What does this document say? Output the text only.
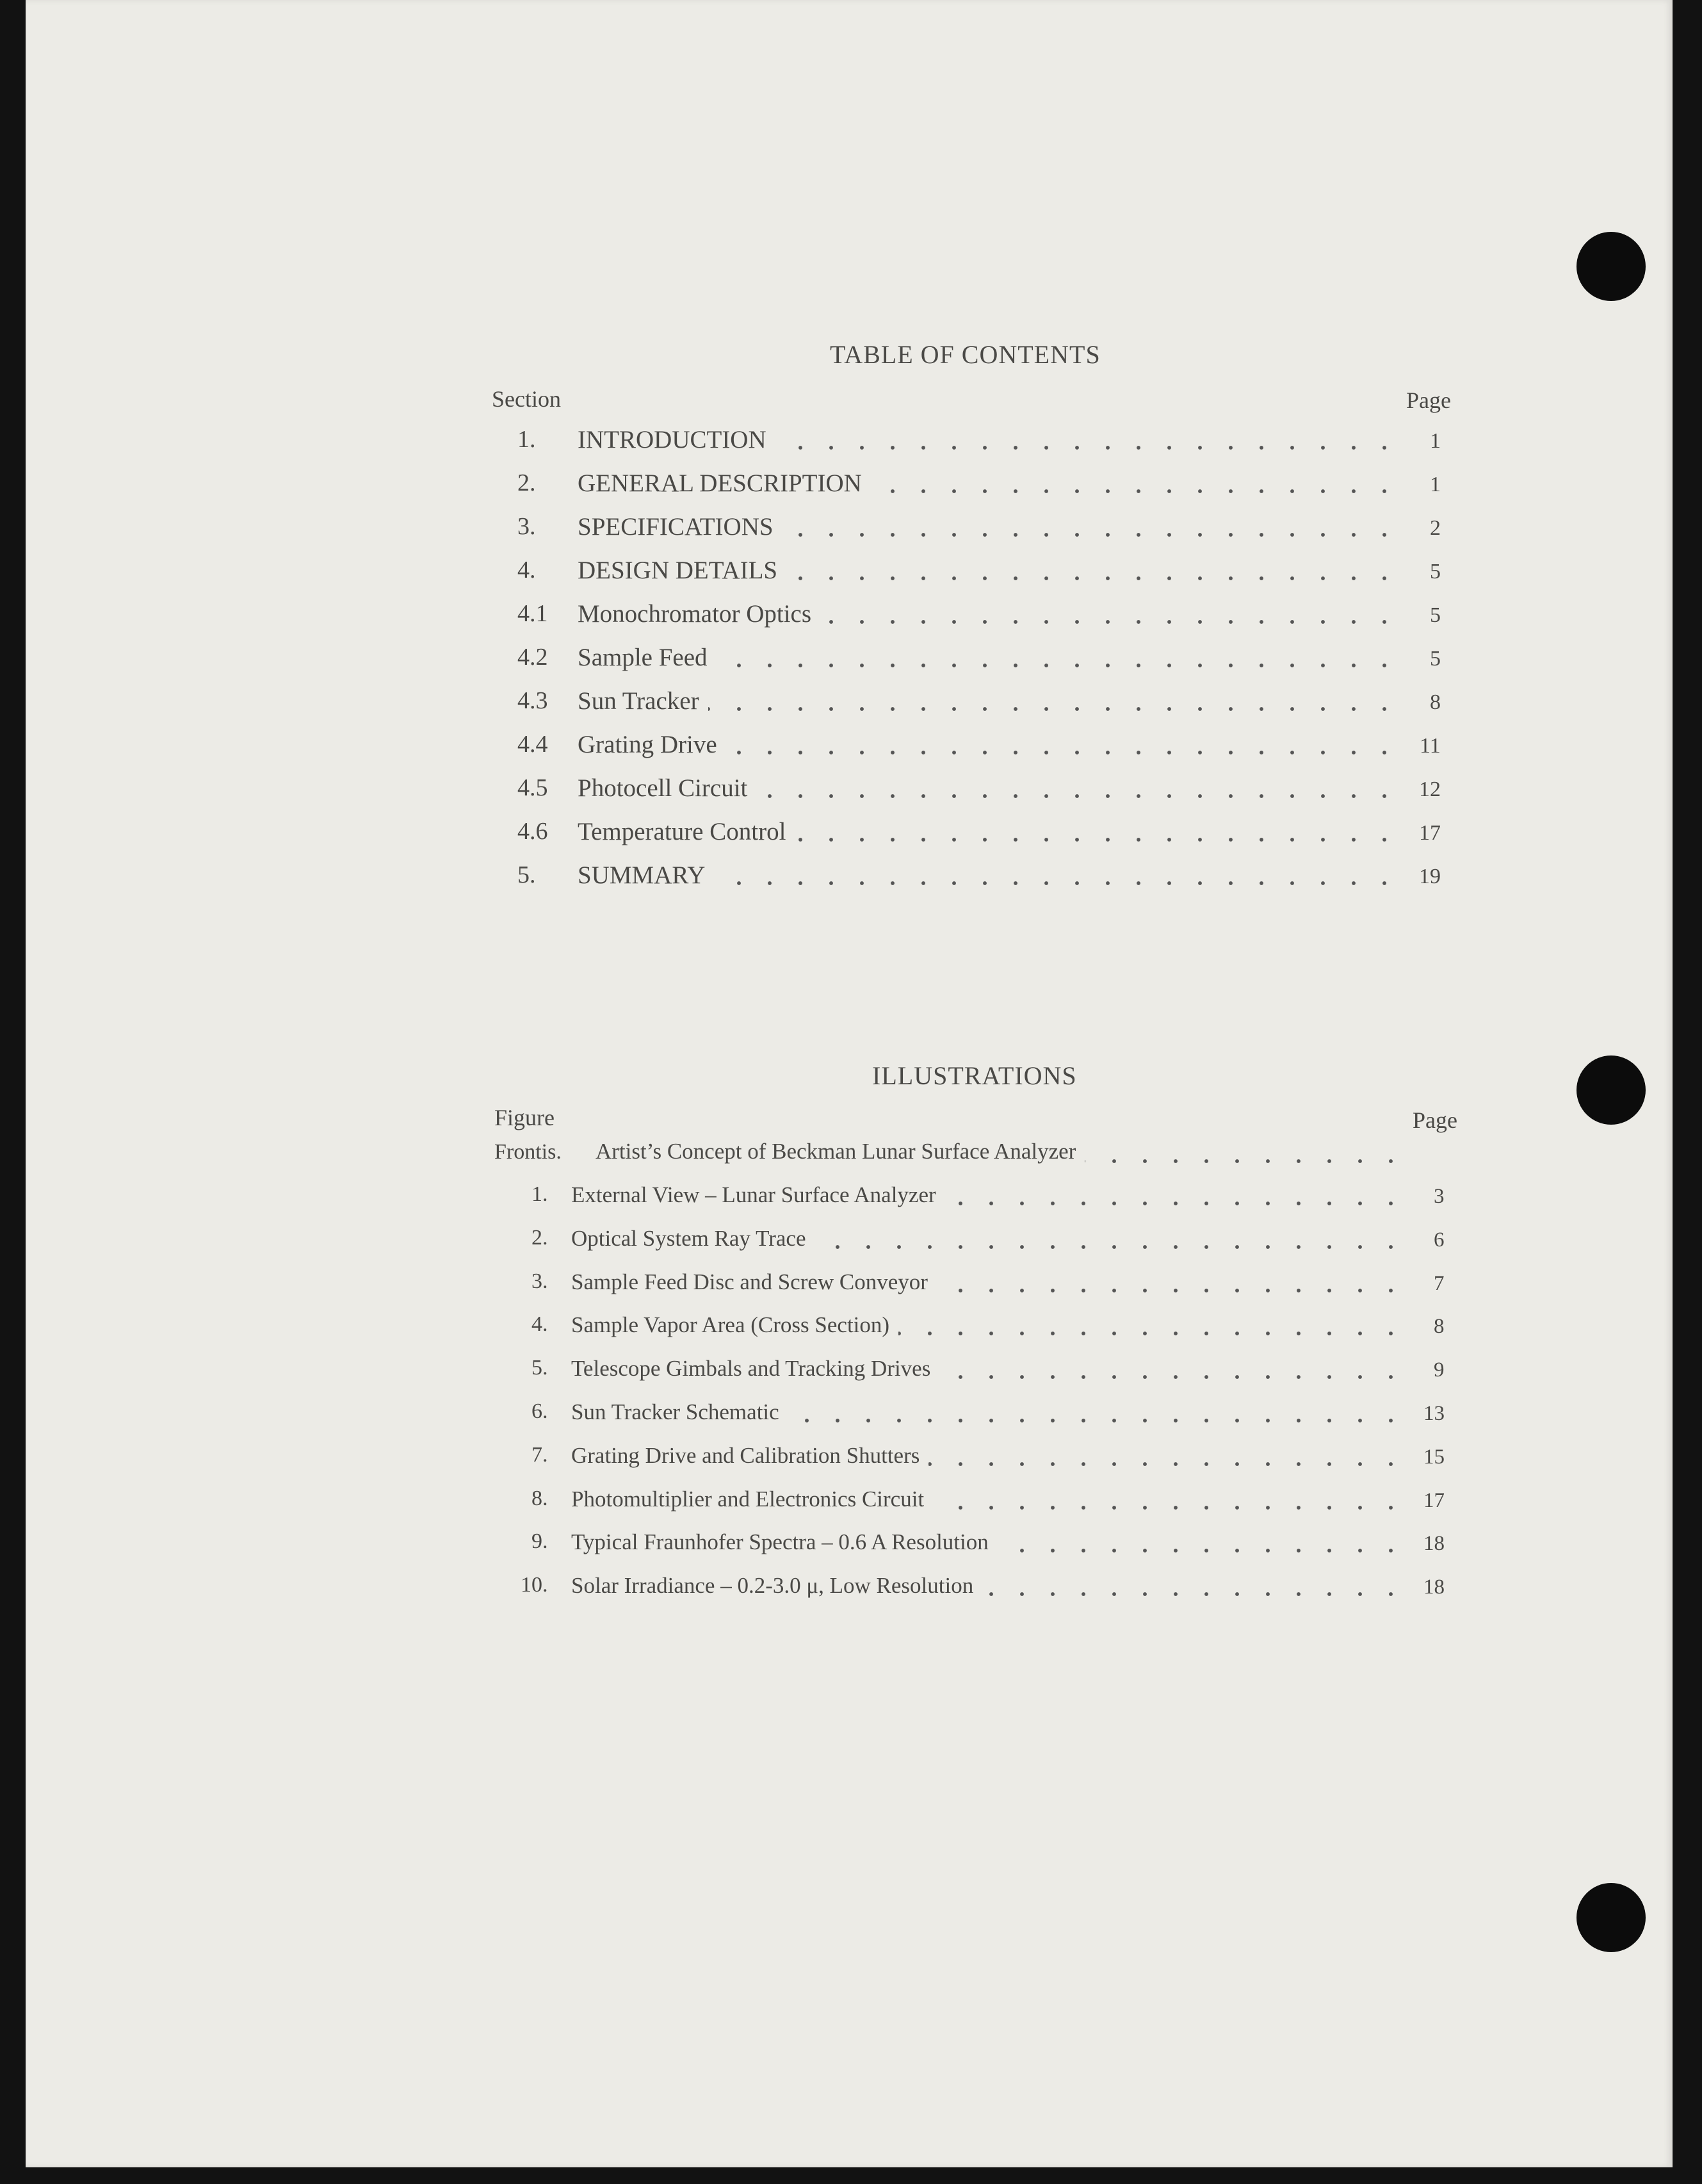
TABLE OF CONTENTS
Section	Page
1. INTRODUCTION	1
2. GENERAL DESCRIPTION	1
3. SPECIFICATIONS	2
4. DESIGN DETAILS	5
4.1 Monochromator Optics	5
4.2 Sample Feed	5
4.3 Sun Tracker	8
4.4 Grating Drive	11
4.5 Photocell Circuit	12
4.6 Temperature Control	17
5. SUMMARY	19
ILLUSTRATIONS
Figure	Page
Frontis. Artist’s Concept of Beckman Lunar Surface Analyzer
1. External View – Lunar Surface Analyzer	3
2. Optical System Ray Trace	6
3. Sample Feed Disc and Screw Conveyor	7
4. Sample Vapor Area (Cross Section)	8
5. Telescope Gimbals and Tracking Drives	9
6. Sun Tracker Schematic	13
7. Grating Drive and Calibration Shutters	15
8. Photomultiplier and Electronics Circuit	17
9. Typical Fraunhofer Spectra – 0.6 A Resolution	18
10. Solar Irradiance – 0.2-3.0 μ, Low Resolution	18
